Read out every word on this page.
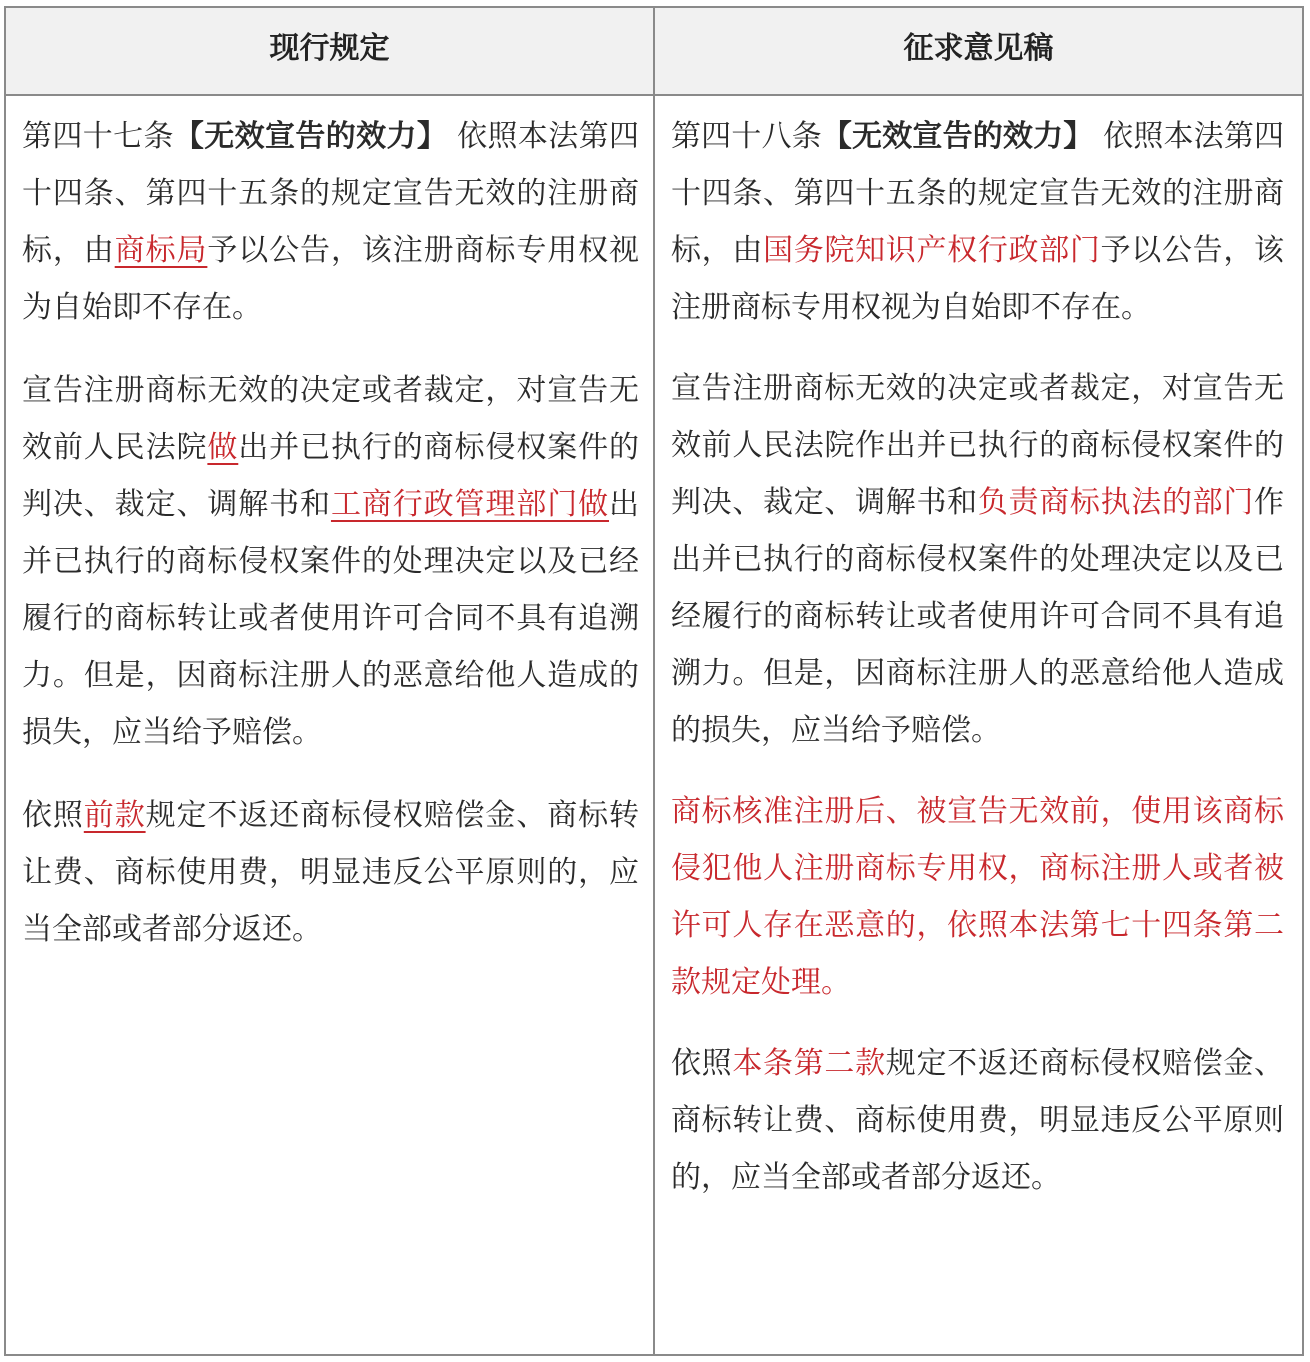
现行规定	征求意见稿

第四十七条【无效宣告的效力】 依照本法第四十四条、第四十五条的规定宣告无效的注册商标，由商标局予以公告，该注册商标专用权视为自始即不存在。

宣告注册商标无效的决定或者裁定，对宣告无效前人民法院做出并已执行的商标侵权案件的判决、裁定、调解书和工商行政管理部门做出并已执行的商标侵权案件的处理决定以及已经履行的商标转让或者使用许可合同不具有追溯力。但是，因商标注册人的恶意给他人造成的损失，应当给予赔偿。

依照前款规定不返还商标侵权赔偿金、商标转让费、商标使用费，明显违反公平原则的，应当全部或者部分返还。

第四十八条【无效宣告的效力】 依照本法第四十四条、第四十五条的规定宣告无效的注册商标，由国务院知识产权行政部门予以公告，该注册商标专用权视为自始即不存在。

宣告注册商标无效的决定或者裁定，对宣告无效前人民法院作出并已执行的商标侵权案件的判决、裁定、调解书和负责商标执法的部门作出并已执行的商标侵权案件的处理决定以及已经履行的商标转让或者使用许可合同不具有追溯力。但是，因商标注册人的恶意给他人造成的损失，应当给予赔偿。

商标核准注册后、被宣告无效前，使用该商标侵犯他人注册商标专用权，商标注册人或者被许可人存在恶意的，依照本法第七十四条第二款规定处理。

依照本条第二款规定不返还商标侵权赔偿金、商标转让费、商标使用费，明显违反公平原则的，应当全部或者部分返还。
